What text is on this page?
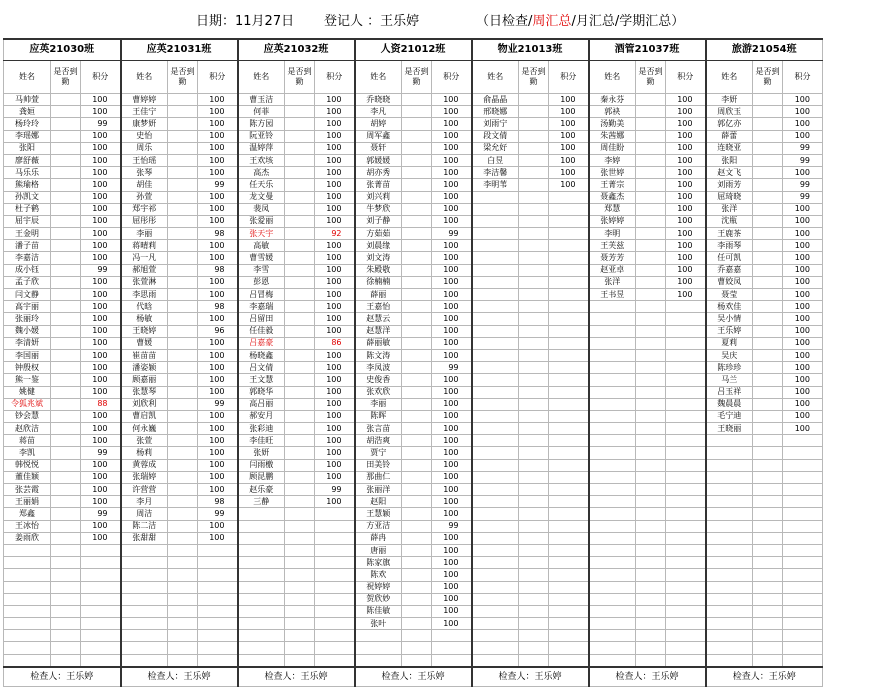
日期：11月27日 登记人 ：王乐婷	（日检查/周汇总/月汇总/学期汇总）
应英21030班			应英21031班			应英21032班			人资21012班			物业21013班			酒管21037班			旅游21054班		
姓名	是否到勤	积分	姓名	是否到勤	积分	姓名	是否到勤	积分	姓名	是否到勤	积分	姓名	是否到勤	积分	姓名	是否到勤	积分	姓名	是否到勤	积分
马帅萱		100	曹婷婷		100	曹玉洁		100	乔晓晓		100	俞晶晶		100	秦永芬		100	李妍		100
龚姮		100	王佳宁		100	何菲		100	李凡		100	邢晓娜		100	郭袂		100	周欣玉		100
杨玲玲		99	康梦妍		100	陈方园		100	胡婷		100	刘雨宁		100	汤勤美		100	郭亿亦		100
李瑶娜		100	史怡		100	阮亚铃		100	周军鑫		100	段文倩		100	朱茜娜		100	薛蕾		100
张阳		100	周乐		100	温婷萍		100	聂轩		100	梁允好		100	周佳盼		100	连晓亚		99
廖舒薇		100	王怡瑶		100	王欢垓		100	郭媛媛		100	白昱		100	李婷		100	张阳		99
马乐乐		100	张琴		100	高杰		100	胡亦秀		100	李洁馨		100	张世婷		100	赵文飞		100
熊瑜格		100	胡佳		99	任天乐		100	张菁苗		100	李明苇		100	王菁宗		100	刘雨芳		99
孙凯文		100	孙萱		100	龙文曼		100	刘兴莉		100				聂鑫杰		100	屈琦晓		99
杜子鹤		100	郑宇祁		100	裴凤		100	牛梦欣		100				郑慧		100	张洋		100
屈宇辰		100	屈彤彤		100	张爱丽		100	刘子静		100				张婷婷		100	沈瓶		100
王金明		100	李丽		98	张天宇		92	方茹茹		99				李明		100	王鹿茶		100
潘子苗		100	蒋晴莉		100	高敏		100	刘晨缘		100				王芙兹		100	李雨琴		100
李嘉洁		100	冯一凡		100	曹雪媛		100	刘文涛		100				聂芳芳		100	任可凯		100
成小钰		99	郝旭萱		98	李雪		100	朱殿敬		100				赵亚卓		100	乔嘉嘉		100
孟子欣		100	张萱淋		100	彭恩		100	徐楠楠		100				张洋		100	曹姣凤		100
闫文静		100	李思雨		100	吕冒梅		100	薛丽		100				王书昱		100	聂莹		100
高宇丽		100	代晗		98	李嘉瑞		100	王嘉怡		100							杨欢佳		100
张丽玲		100	杨敏		100	吕留田		100	赵慧云		100							吴小情		100
魏小媛		100	王晓婷		96	任佳毅		100	赵慧洋		100							王乐婷		100
李清妍		100	曹媛		100	吕嘉豪		86	薛丽敏		100							夏莉		100
李国丽		100	崔苗苗		100	杨晓鑫		100	陈文涛		100							吴庆		100
钟殷权		100	潘姿颖		100	吕文倩		100	李凤波		99							陈珍珍		100
熊一鉴		100	顾嘉丽		100	王文慧		100	史俊香		100							马兰		100
姚健		100	张慧琴		100	郭晓华		100	张欢欣		100							吕玉祥		100
令狐兆斌		88	刘欣利		99	高吕丽		100	李丽		100							魏晨晨		100
钞会慧		100	曹启凯		100	郝安月		100	陈晖		100							毛宁迪		100
赵欣洁		100	何永巍		100	张彩迪		100	张言苗		100							王晓丽		100
蒋苗		100	张萱		100	李佳旺		100	胡浩爽		100									
李凯		99	杨莉		100	张妍		100	贾宁		100									
韩悦悦		100	黄蓉成		100	闫雨檄		100	田美铃		100									
董佳颖		100	张瑞婷		100	顾昆鹏		100	那曲仁		100									
张芸霞		100	许营营		100	赵乐豪		99	张丽洋		100									
王丽娟		100	李月		98	三静		100	赵阳		100									
郑鑫		99	周洁		99				王慧颖		100									
王冰怡		100	陈二洁		100				方亚洁		99									
姜雨欣		100	张甜甜		100				薛冉		100									
									唐丽		100									
									陈家旗		100									
									陈欢		100									
									祝婷婷		100									
									贺欣妙		100									
									陈佳敏		100									
									张叶		100									

检查人：王乐婷			检查人：王乐婷			检查人：王乐婷			检查人：王乐婷			检查人：王乐婷			检查人：王乐婷			检查人：王乐婷		
